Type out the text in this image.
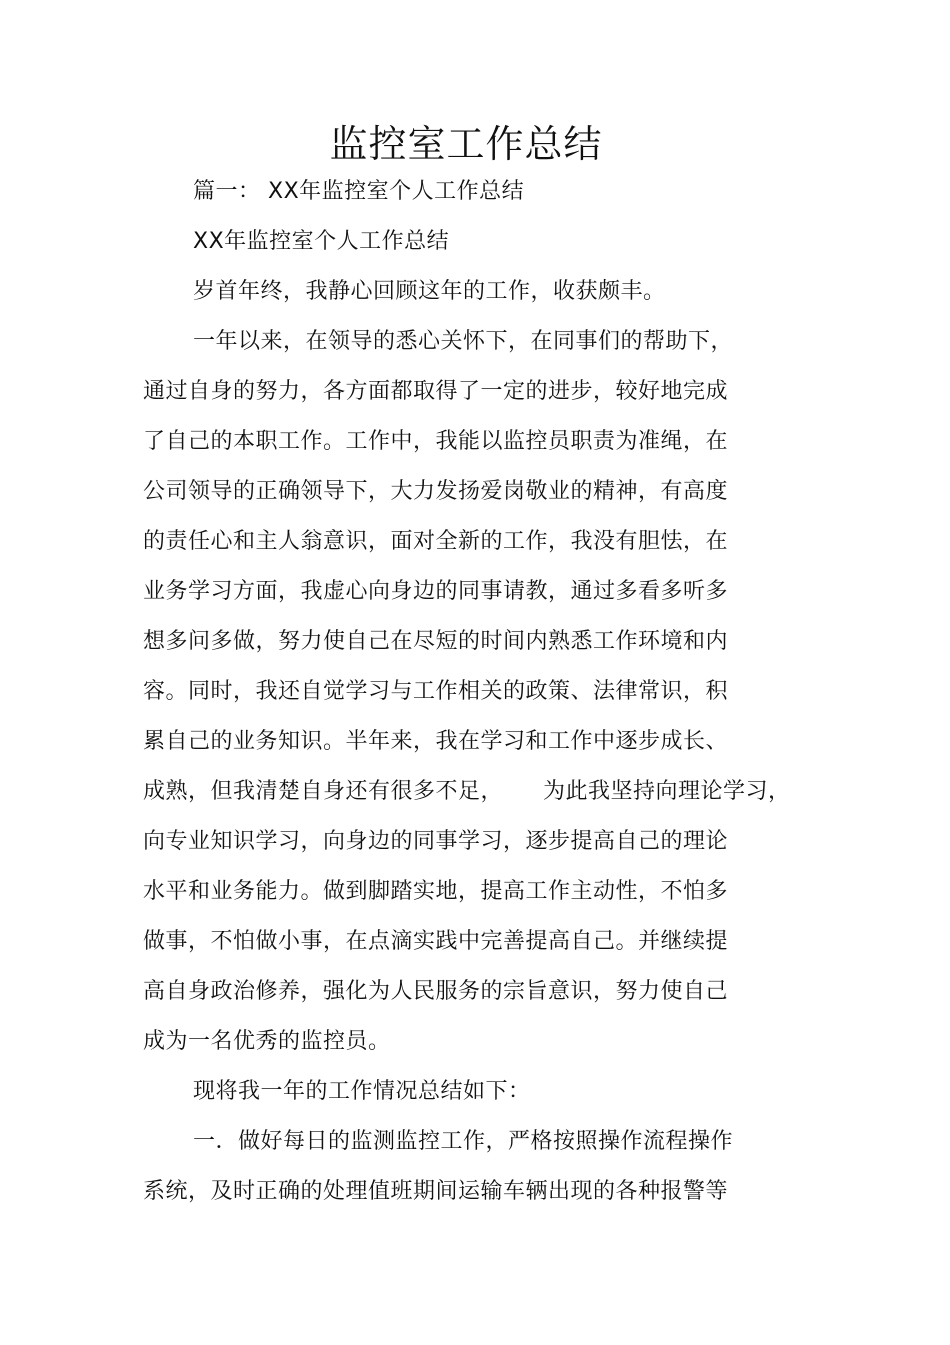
监控室工作总结
篇一： XX年监控室个人工作总结
XX年监控室个人工作总结
岁首年终，我静心回顾这年的工作，收获颇丰。
一年以来，在领导的悉心关怀下，在同事们的帮助下，
通过自身的努力，各方面都取得了一定的进步，较好地完成
了自己的本职工作。工作中，我能以监控员职责为准绳，在
公司领导的正确领导下，大力发扬爱岗敬业的精神，有高度
的责任心和主人翁意识，面对全新的工作，我没有胆怯，在
业务学习方面，我虚心向身边的同事请教，通过多看多听多
想多问多做，努力使自己在尽短的时间内熟悉工作环境和内
容。同时，我还自觉学习与工作相关的政策、法律常识，积
累自己的业务知识。半年来，我在学习和工作中逐步成长、
成熟，但我清楚自身还有很多不足， 为此我坚持向理论学习，
向专业知识学习，向身边的同事学习，逐步提高自己的理论
水平和业务能力。做到脚踏实地，提高工作主动性，不怕多
做事，不怕做小事，在点滴实践中完善提高自己。并继续提
高自身政治修养，强化为人民服务的宗旨意识，努力使自己
成为一名优秀的监控员。
现将我一年的工作情况总结如下：
一．做好每日的监测监控工作，严格按照操作流程操作
系统，及时正确的处理值班期间运输车辆出现的各种报警等
